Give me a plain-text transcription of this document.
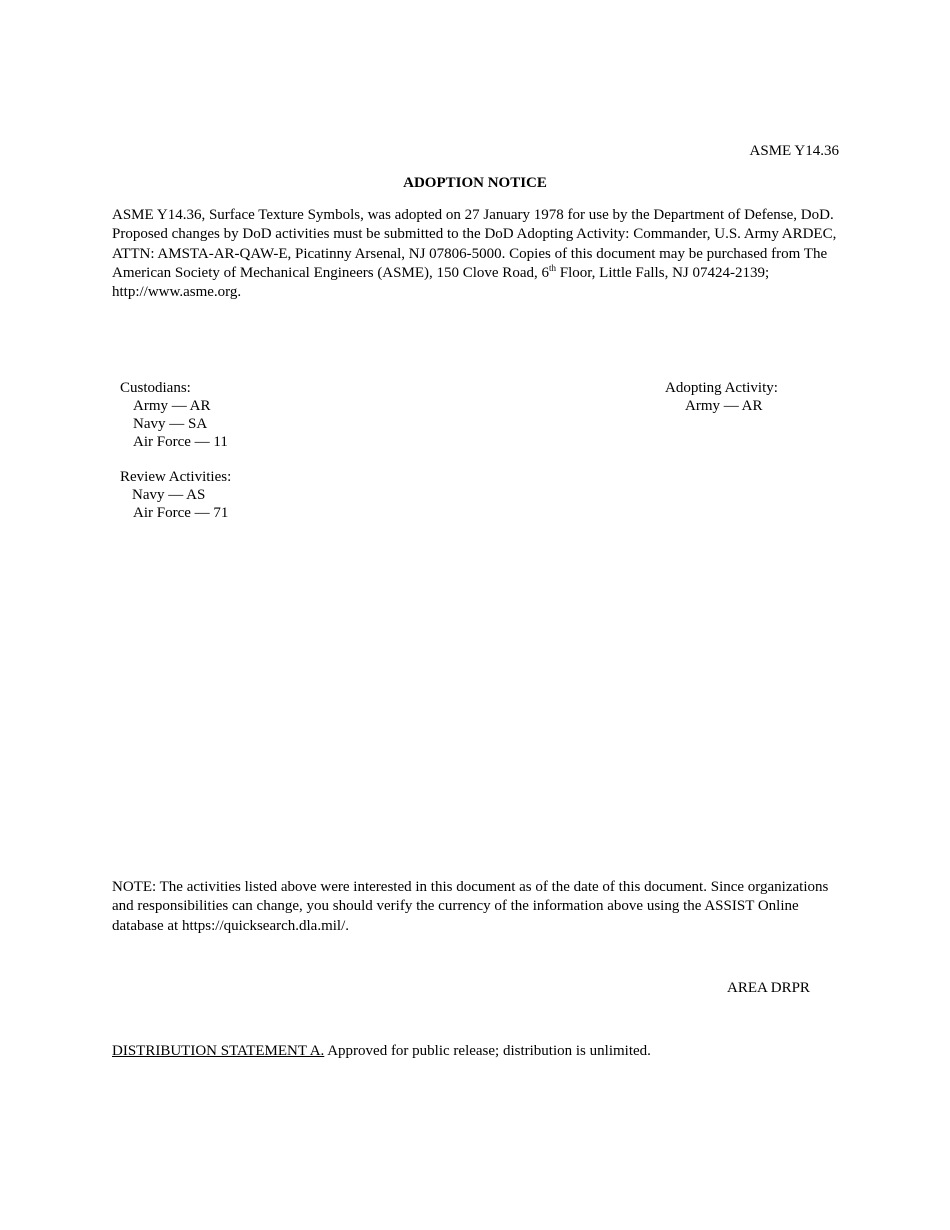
ASME Y14.36
ADOPTION NOTICE
ASME Y14.36, Surface Texture Symbols, was adopted on 27 January 1978 for use by the Department of Defense, DoD. Proposed changes by DoD activities must be submitted to the DoD Adopting Activity: Commander, U.S. Army ARDEC, ATTN: AMSTA-AR-QAW-E, Picatinny Arsenal, NJ 07806-5000. Copies of this document may be purchased from The American Society of Mechanical Engineers (ASME), 150 Clove Road, 6th Floor, Little Falls, NJ 07424-2139; http://www.asme.org.
Custodians:
Army — AR
Navy — SA
Air Force — 11
Review Activities:
Navy — AS
Air Force — 71
Adopting Activity:
Army — AR
NOTE: The activities listed above were interested in this document as of the date of this document. Since organizations and responsibilities can change, you should verify the currency of the information above using the ASSIST Online database at https://quicksearch.dla.mil/.
AREA DRPR
DISTRIBUTION STATEMENT A. Approved for public release; distribution is unlimited.
